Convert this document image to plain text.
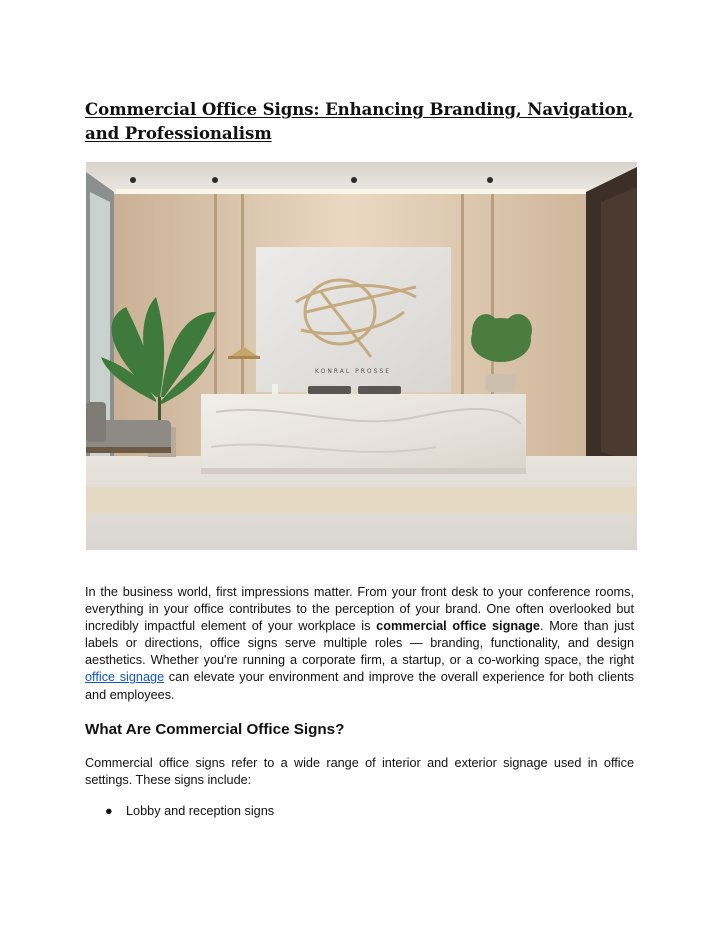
Commercial Office Signs: Enhancing Branding, Navigation, and Professionalism
KONRAL PROSSE

In the business world, first impressions matter. From your front desk to your conference rooms, everything in your office contributes to the perception of your brand. One often overlooked but incredibly impactful element of your workplace is commercial office signage. More than just labels or directions, office signs serve multiple roles — branding, functionality, and design aesthetics. Whether you're running a corporate firm, a startup, or a co-working space, the right office signage can elevate your environment and improve the overall experience for both clients and employees.

What Are Commercial Office Signs?

Commercial office signs refer to a wide range of interior and exterior signage used in office settings. These signs include:

● Lobby and reception signs
